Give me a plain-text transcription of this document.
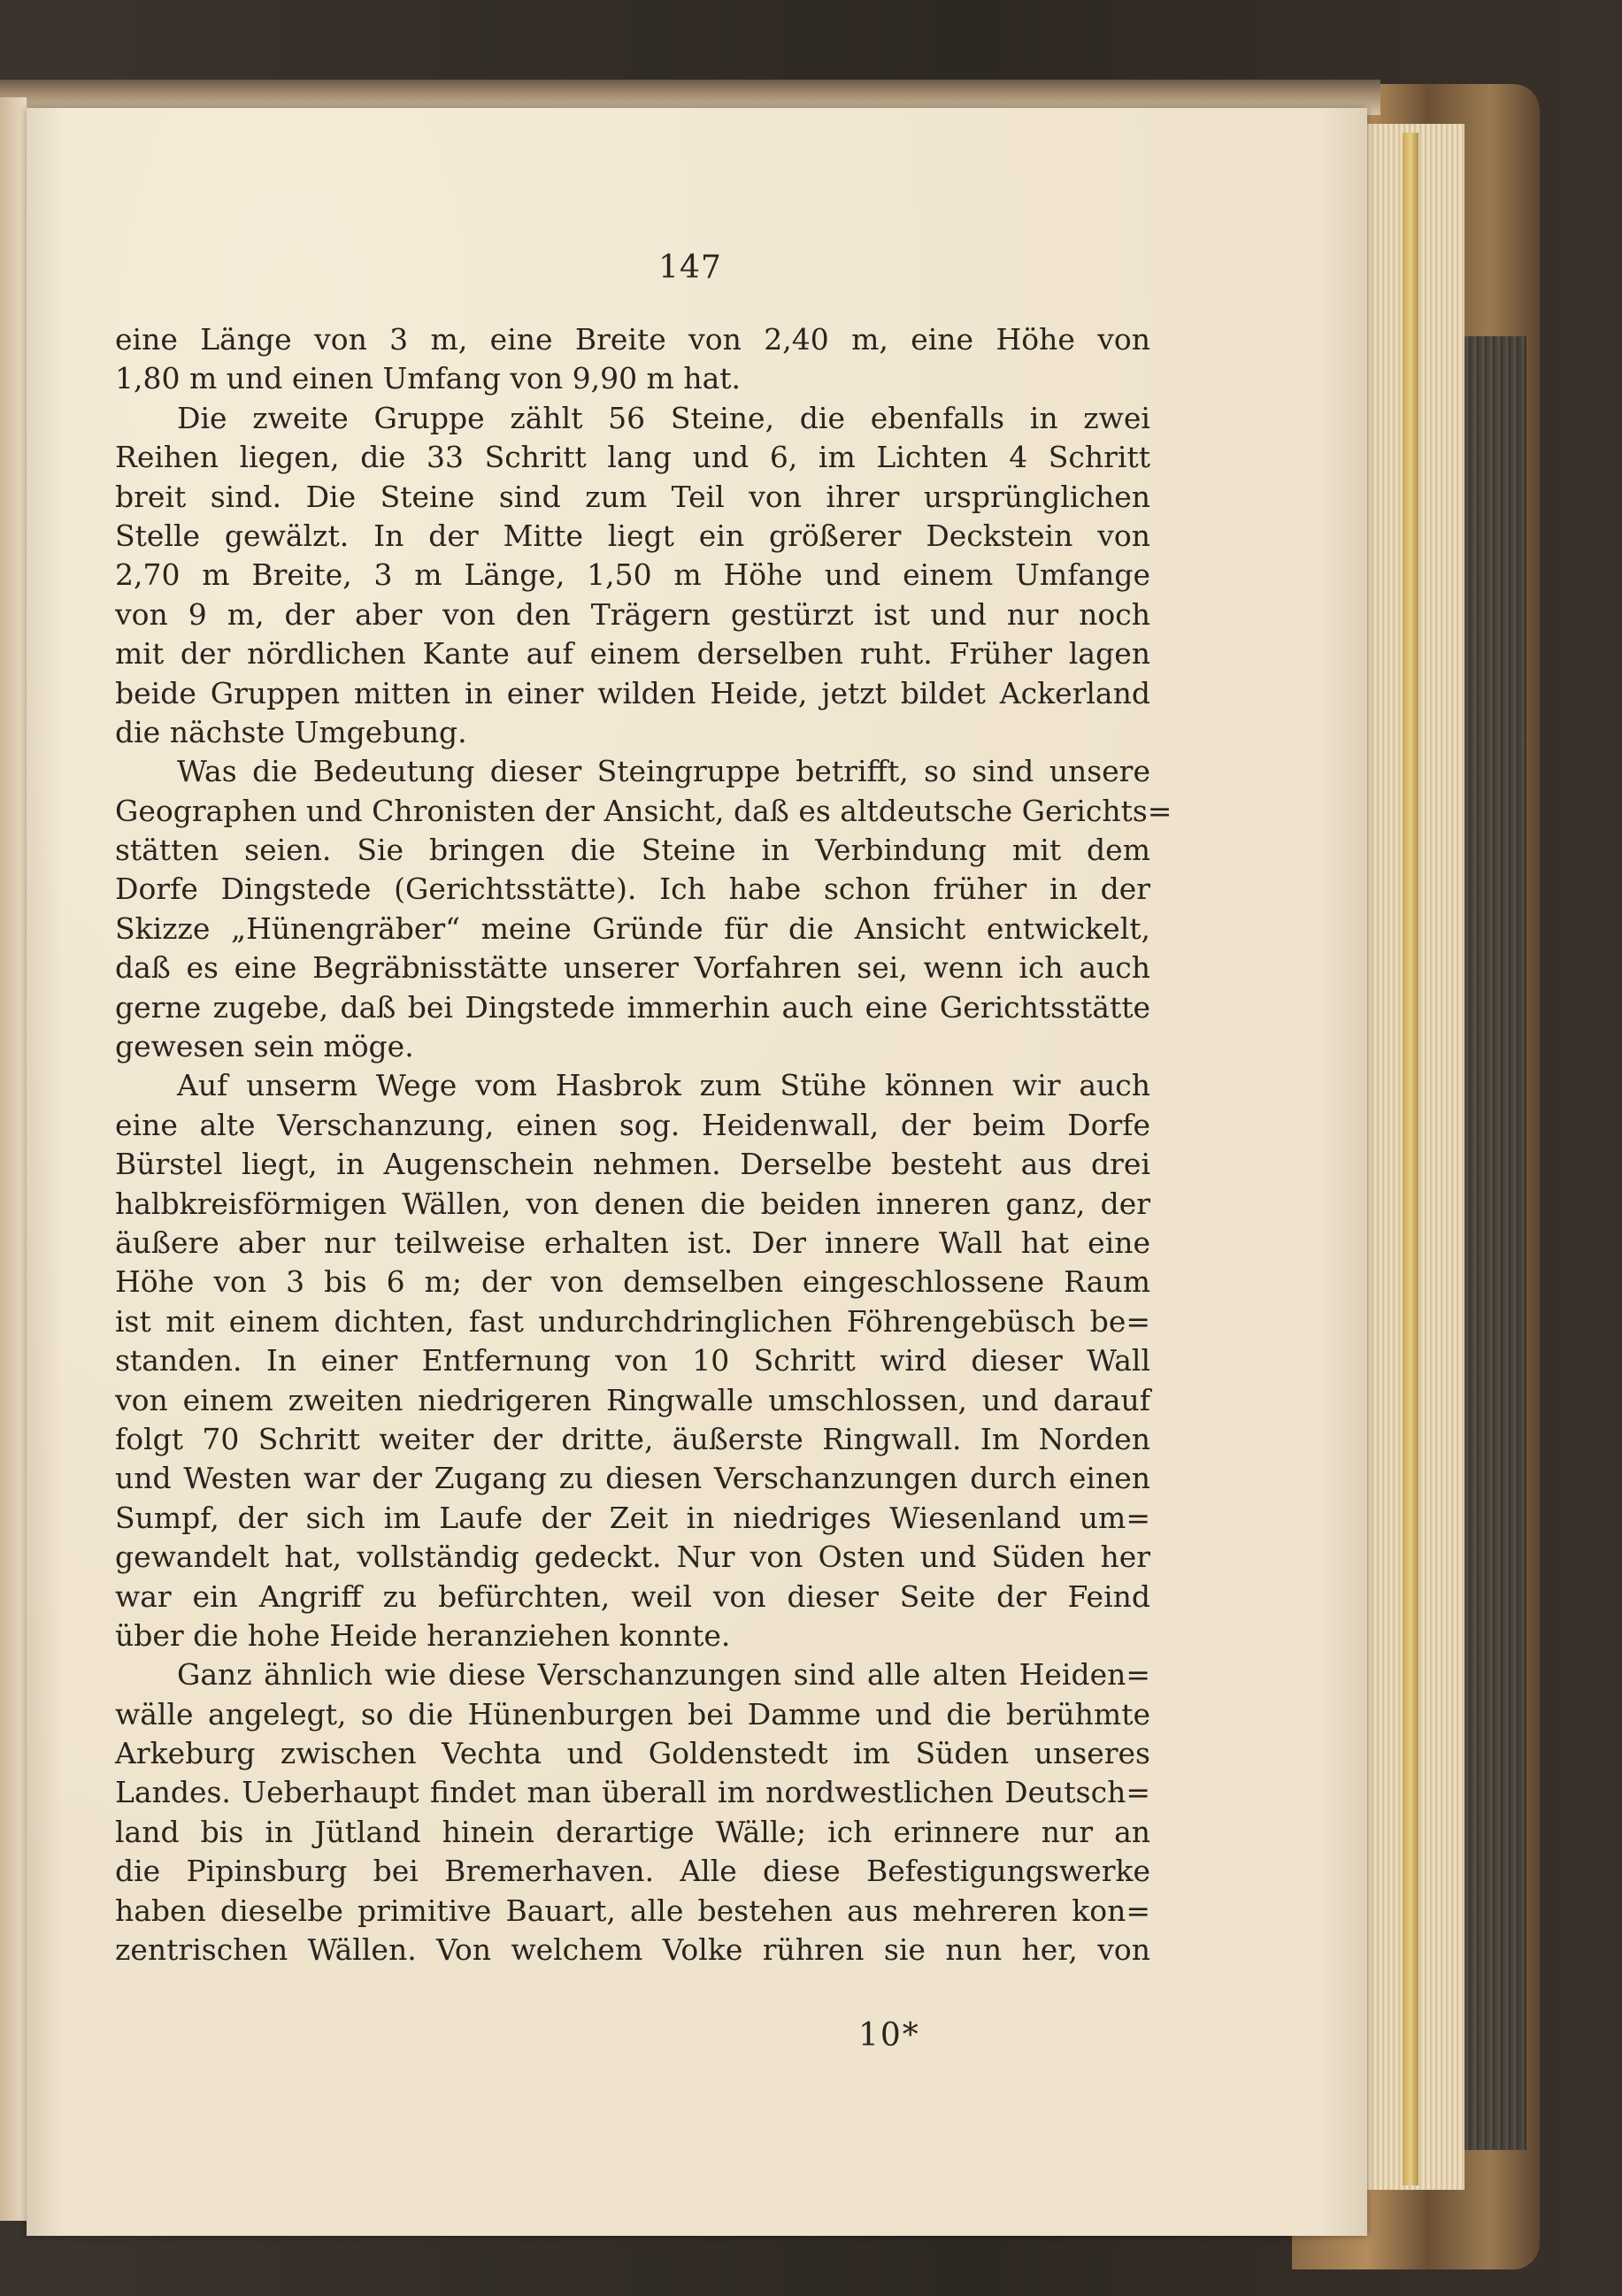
147
eine Länge von 3 m, eine Breite von 2,40 m, eine Höhe von
1,80 m und einen Umfang von 9,90 m hat.
Die zweite Gruppe zählt 56 Steine, die ebenfalls in zwei
Reihen liegen, die 33 Schritt lang und 6, im Lichten 4 Schritt
breit sind. Die Steine sind zum Teil von ihrer ursprünglichen
Stelle gewälzt. In der Mitte liegt ein größerer Deckstein von
2,70 m Breite, 3 m Länge, 1,50 m Höhe und einem Umfange
von 9 m, der aber von den Trägern gestürzt ist und nur noch
mit der nördlichen Kante auf einem derselben ruht. Früher lagen
beide Gruppen mitten in einer wilden Heide, jetzt bildet Ackerland
die nächste Umgebung.
Was die Bedeutung dieser Steingruppe betrifft, so sind unsere
Geographen und Chronisten der Ansicht, daß es altdeutsche Gerichts=
stätten seien. Sie bringen die Steine in Verbindung mit dem
Dorfe Dingstede (Gerichtsstätte). Ich habe schon früher in der
Skizze „Hünengräber“ meine Gründe für die Ansicht entwickelt,
daß es eine Begräbnisstätte unserer Vorfahren sei, wenn ich auch
gerne zugebe, daß bei Dingstede immerhin auch eine Gerichtsstätte
gewesen sein möge.
Auf unserm Wege vom Hasbrok zum Stühe können wir auch
eine alte Verschanzung, einen sog. Heidenwall, der beim Dorfe
Bürstel liegt, in Augenschein nehmen. Derselbe besteht aus drei
halbkreisförmigen Wällen, von denen die beiden inneren ganz, der
äußere aber nur teilweise erhalten ist. Der innere Wall hat eine
Höhe von 3 bis 6 m; der von demselben eingeschlossene Raum
ist mit einem dichten, fast undurchdringlichen Föhrengebüsch be=
standen. In einer Entfernung von 10 Schritt wird dieser Wall
von einem zweiten niedrigeren Ringwalle umschlossen, und darauf
folgt 70 Schritt weiter der dritte, äußerste Ringwall. Im Norden
und Westen war der Zugang zu diesen Verschanzungen durch einen
Sumpf, der sich im Laufe der Zeit in niedriges Wiesenland um=
gewandelt hat, vollständig gedeckt. Nur von Osten und Süden her
war ein Angriff zu befürchten, weil von dieser Seite der Feind
über die hohe Heide heranziehen konnte.
Ganz ähnlich wie diese Verschanzungen sind alle alten Heiden=
wälle angelegt, so die Hünenburgen bei Damme und die berühmte
Arkeburg zwischen Vechta und Goldenstedt im Süden unseres
Landes. Ueberhaupt findet man überall im nordwestlichen Deutsch=
land bis in Jütland hinein derartige Wälle; ich erinnere nur an
die Pipinsburg bei Bremerhaven. Alle diese Befestigungswerke
haben dieselbe primitive Bauart, alle bestehen aus mehreren kon=
zentrischen Wällen. Von welchem Volke rühren sie nun her, von
10*
